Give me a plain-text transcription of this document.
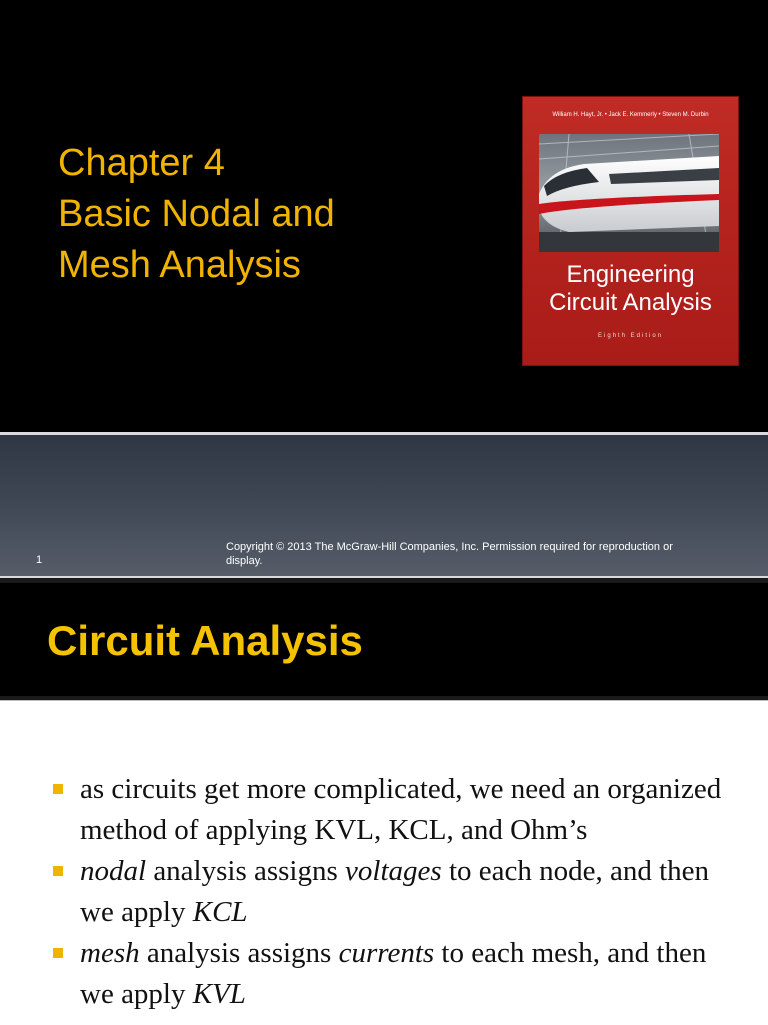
Chapter 4
Basic Nodal and
Mesh Analysis
William H. Hayt, Jr. • Jack E. Kemmerly • Steven M. Durbin
Engineering
Circuit Analysis
Eighth Edition
1
Copyright © 2013 The McGraw-Hill Companies, Inc. Permission required for reproduction or display.
Circuit Analysis
as circuits get more complicated, we need an organized method of applying KVL, KCL, and Ohm’s
nodal analysis assigns voltages to each node, and then we apply KCL
mesh analysis assigns currents to each mesh, and then we apply KVL
